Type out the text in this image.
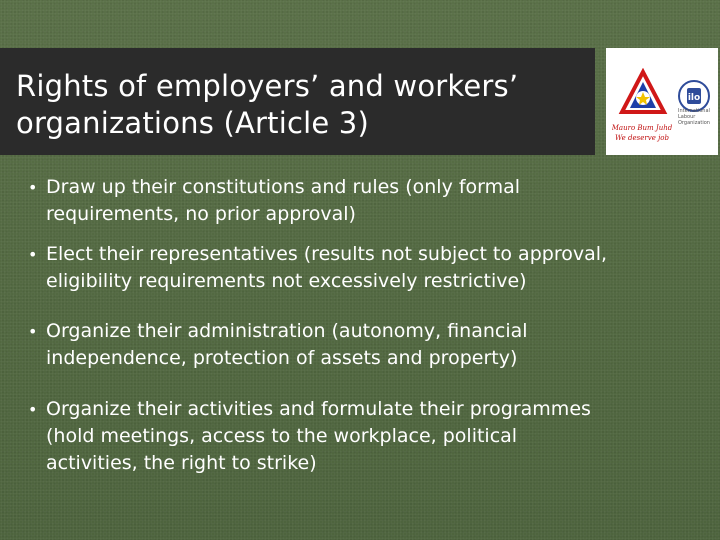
Rights of employers’ and workers’
organizations (Article 3)	Mauro Bum Juhd
We deserve job
ilo
International Labour Organization
• Draw up their constitutions and rules (only formal
requirements, no prior approval)
• Elect their representatives (results not subject to approval,
eligibility requirements not excessively restrictive)
• Organize their administration (autonomy, financial
independence, protection of assets and property)
• Organize their activities and formulate their programmes
(hold meetings, access to the workplace, political
activities, the right to strike)
